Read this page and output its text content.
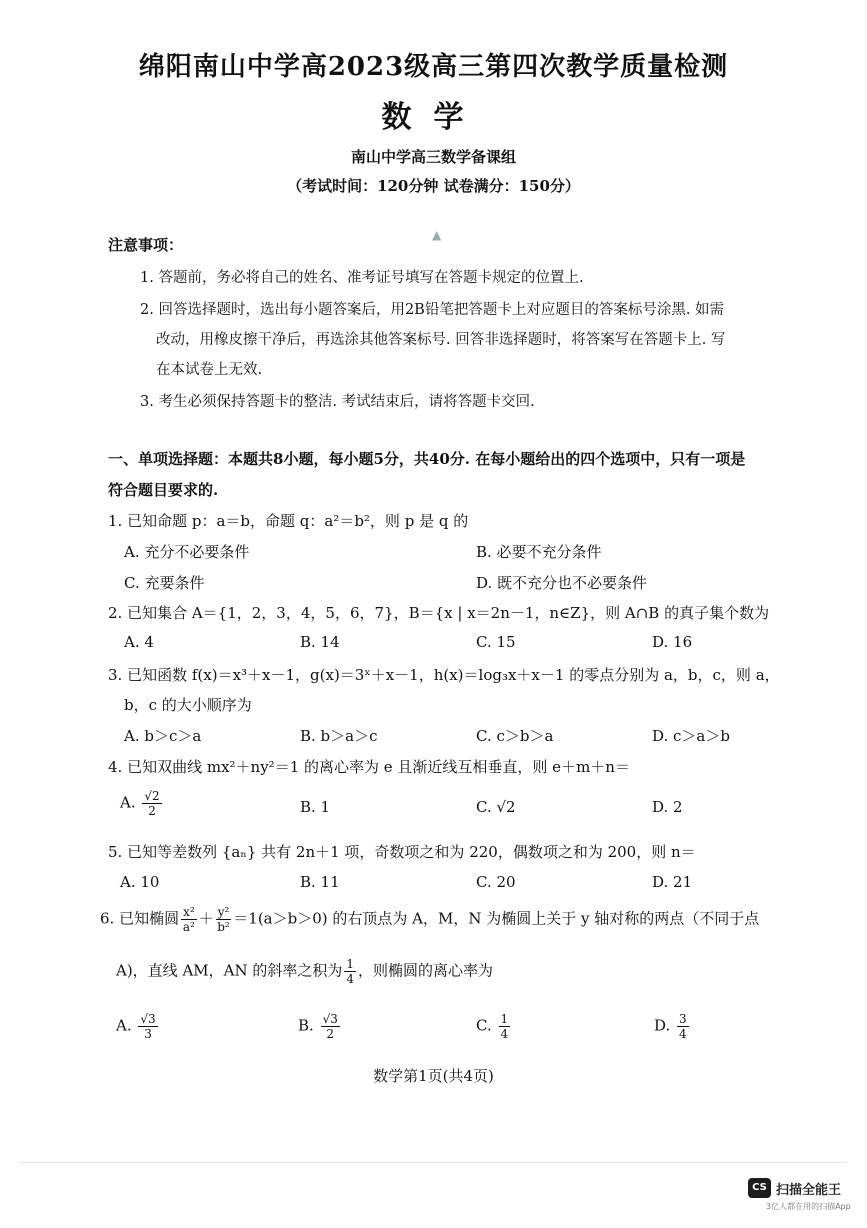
绵阳南山中学高2023级高三第四次教学质量检测
数学
南山中学高三数学备课组
（考试时间：120分钟 试卷满分：150分）
▲
注意事项：
1. 答题前，务必将自己的姓名、准考证号填写在答题卡规定的位置上.
2. 回答选择题时，选出每小题答案后，用2B铅笔把答题卡上对应题目的答案标号涂黑. 如需
改动，用橡皮擦干净后，再选涂其他答案标号. 回答非选择题时，将答案写在答题卡上. 写
在本试卷上无效.
3. 考生必须保持答题卡的整洁. 考试结束后，请将答题卡交回.
一、单项选择题：本题共8小题，每小题5分，共40分. 在每小题给出的四个选项中，只有一项是
符合题目要求的.
1. 已知命题 p：a＝b，命题 q：a²＝b²，则 p 是 q 的
A. 充分不必要条件	B. 必要不充分条件
C. 充要条件	D. 既不充分也不必要条件
2. 已知集合 A＝{1，2，3，4，5，6，7}，B＝{x | x＝2n－1，n∈Z}，则 A∩B 的真子集个数为
A. 4	B. 14	C. 15	D. 16
3. 已知函数 f(x)＝x³＋x－1，g(x)＝3ˣ＋x－1，h(x)＝log₃x＋x－1 的零点分别为 a，b，c，则 a，
b，c 的大小顺序为
A. b＞c＞a	B. b＞a＞c	C. c＞b＞a	D. c＞a＞b
4. 已知双曲线 mx²＋ny²＝1 的离心率为 e 且渐近线互相垂直，则 e＋m＋n＝
A. $\frac{√2}{2}$	B. 1	C. √2	D. 2
5. 已知等差数列 {aₙ} 共有 2n＋1 项，奇数项之和为 220，偶数项之和为 200，则 n＝
A. 10	B. 11	C. 20	D. 21
6. 已知椭圆 $\frac{\text{x²}}{\text{a²}} + \frac{\text{y²}}{\text{b²}} =1(a>b>0)$ 的右顶点为 A，M，N 为椭圆上关于 y 轴对称的两点（不同于点
A)，直线 AM，AN 的斜率之积为 $\frac{1}{4}$ ，则椭圆的离心率为
A. $\frac{√3}{3}$	B. $\frac{√3}{2}$	C. $\frac{1}{4}$	D. $\frac{3}{4}$
数学第1页(共4页)
CS 扫描全能王
3亿人都在用的扫描App
